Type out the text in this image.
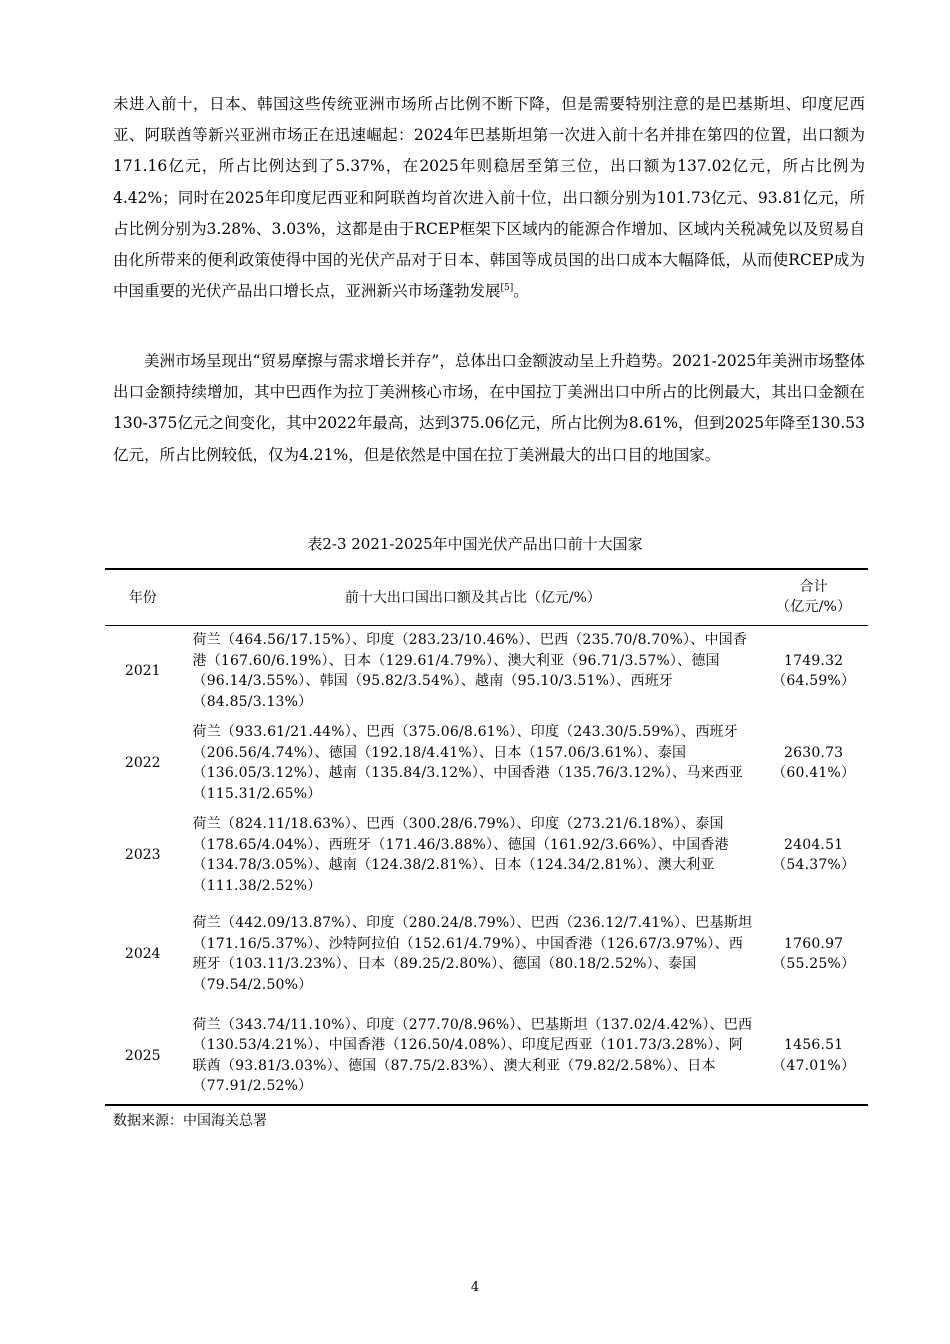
未进入前十，日本、韩国这些传统亚洲市场所占比例不断下降，但是需要特别注意的是巴基斯坦、印度尼西亚、阿联酋等新兴亚洲市场正在迅速崛起：2024年巴基斯坦第一次进入前十名并排在第四的位置，出口额为171.16亿元，所占比例达到了5.37%，在2025年则稳居至第三位，出口额为137.02亿元，所占比例为4.42%；同时在2025年印度尼西亚和阿联酋均首次进入前十位，出口额分别为101.73亿元、93.81亿元，所占比例分别为3.28%、3.03%，这都是由于RCEP框架下区域内的能源合作增加、区域内关税减免以及贸易自由化所带来的便利政策使得中国的光伏产品对于日本、韩国等成员国的出口成本大幅降低，从而使RCEP成为中国重要的光伏产品出口增长点，亚洲新兴市场蓬勃发展[5]。

美洲市场呈现出“贸易摩擦与需求增长并存”，总体出口金额波动呈上升趋势。2021-2025年美洲市场整体出口金额持续增加，其中巴西作为拉丁美洲核心市场，在中国拉丁美洲出口中所占的比例最大，其出口金额在130-375亿元之间变化，其中2022年最高，达到375.06亿元，所占比例为8.61%，但到2025年降至130.53亿元，所占比例较低，仅为4.21%，但是依然是中国在拉丁美洲最大的出口目的地国家。

表2-3 2021-2025年中国光伏产品出口前十大国家
年份	前十大出口国出口额及其占比（亿元/%）	合计
（亿元/%）
2021	荷兰（464.56/17.15%）、印度（283.23/10.46%）、巴西（235.70/8.70%）、中国香港（167.60/6.19%）、日本（129.61/4.79%）、澳大利亚（96.71/3.57%）、德国（96.14/3.55%）、韩国（95.82/3.54%）、越南（95.10/3.51%）、西班牙（84.85/3.13%）	1749.32
（64.59%）
2022	荷兰（933.61/21.44%）、巴西（375.06/8.61%）、印度（243.30/5.59%）、西班牙（206.56/4.74%）、德国（192.18/4.41%）、日本（157.06/3.61%）、泰国（136.05/3.12%）、越南（135.84/3.12%）、中国香港（135.76/3.12%）、马来西亚（115.31/2.65%）	2630.73
（60.41%）
2023	荷兰（824.11/18.63%）、巴西（300.28/6.79%）、印度（273.21/6.18%）、泰国（178.65/4.04%）、西班牙（171.46/3.88%）、德国（161.92/3.66%）、中国香港（134.78/3.05%）、越南（124.38/2.81%）、日本（124.34/2.81%）、澳大利亚（111.38/2.52%）	2404.51
（54.37%）
2024	荷兰（442.09/13.87%）、印度（280.24/8.79%）、巴西（236.12/7.41%）、巴基斯坦（171.16/5.37%）、沙特阿拉伯（152.61/4.79%）、中国香港（126.67/3.97%）、西班牙（103.11/3.23%）、日本（89.25/2.80%）、德国（80.18/2.52%）、泰国（79.54/2.50%）	1760.97
（55.25%）
2025	荷兰（343.74/11.10%）、印度（277.70/8.96%）、巴基斯坦（137.02/4.42%）、巴西（130.53/4.21%）、中国香港（126.50/4.08%）、印度尼西亚（101.73/3.28%）、阿联酋（93.81/3.03%）、德国（87.75/2.83%）、澳大利亚（79.82/2.58%）、日本（77.91/2.52%）	1456.51
（47.01%）
数据来源：中国海关总署
4
